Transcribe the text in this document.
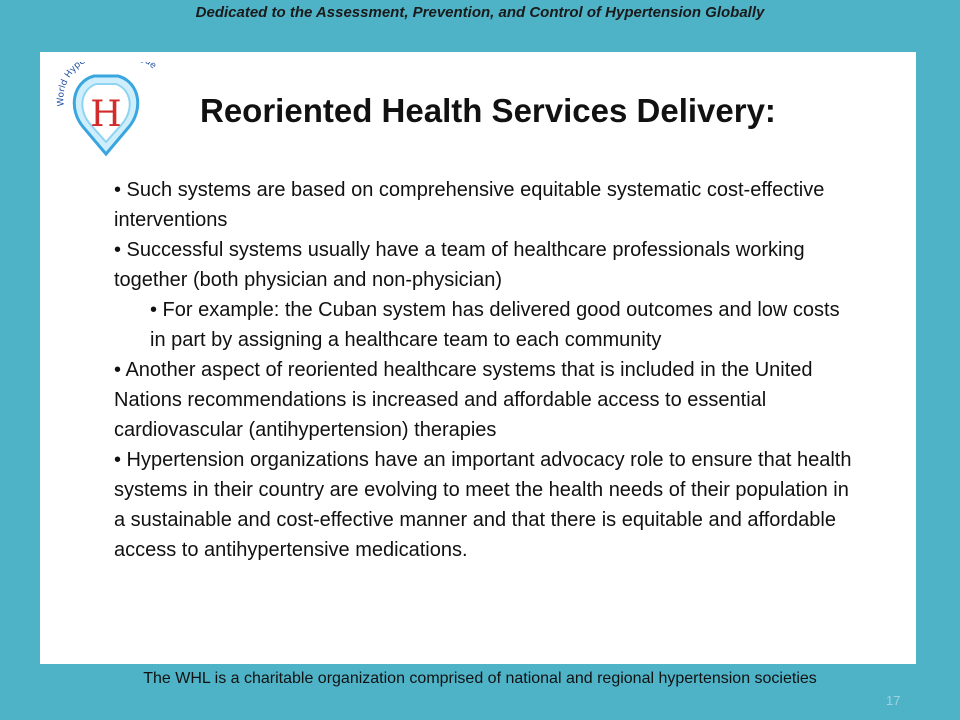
Dedicated to the Assessment, Prevention, and Control of Hypertension Globally
H
World Hyp e
Reoriented Health Services Delivery:

• Such systems are based on comprehensive equitable systematic cost-effective interventions

• Successful systems usually have a team of healthcare professionals working together (both physician and non-physician)

• For example: the Cuban system has delivered good outcomes and low costs in part by assigning a healthcare team to each community

• Another aspect of reoriented healthcare systems that is included in the United Nations recommendations is increased and affordable access to essential cardiovascular (antihypertension) therapies

• Hypertension organizations have an important advocacy role to ensure that health systems in their country are evolving to meet the health needs of their population in a sustainable and cost-effective manner and that there is equitable and affordable access to antihypertensive medications.

The WHL is a charitable organization comprised of national and regional hypertension societies
17
